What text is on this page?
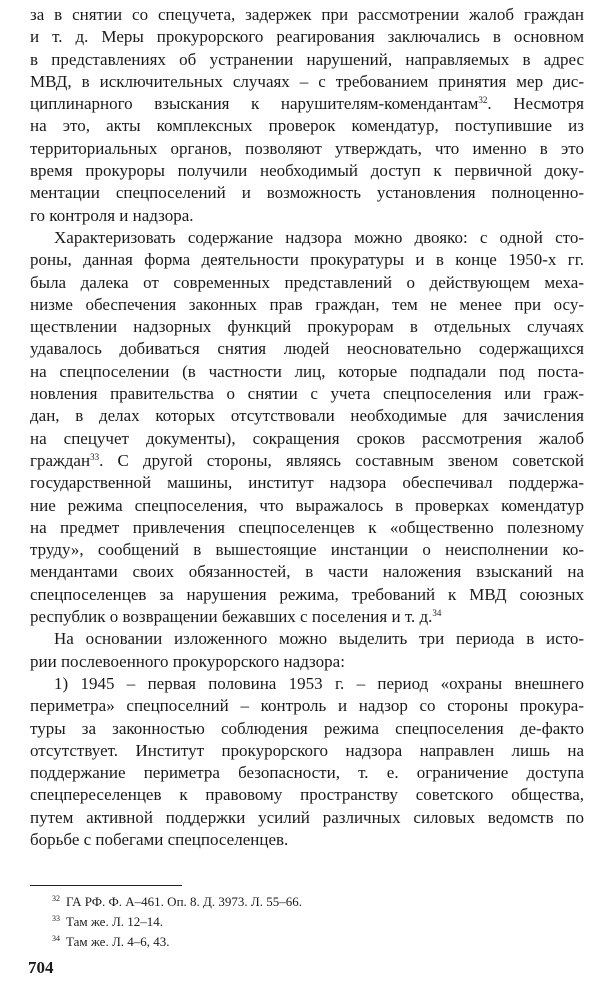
за в снятии со спецучета, задержек при рассмотрении жалоб граждан
и т. д. Меры прокурорского реагирования заключались в основном
в представлениях об устранении нарушений, направляемых в адрес
МВД, в исключительных случаях – с требованием принятия мер дис-
циплинарного взыскания к нарушителям-комендантам$^{32}$. Несмотря
на это, акты комплексных проверок комендатур, поступившие из
территориальных органов, позволяют утверждать, что именно в это
время прокуроры получили необходимый доступ к первичной доку-
ментации спецпоселений и возможность установления полноценно-
го контроля и надзора.
Характеризовать содержание надзора можно двояко: с одной сто-
роны, данная форма деятельности прокуратуры и в конце 1950-х гг.
была далека от современных представлений о действующем меха-
низме обеспечения законных прав граждан, тем не менее при осу-
ществлении надзорных функций прокурорам в отдельных случаях
удавалось добиваться снятия людей неосновательно содержащихся
на спецпоселении (в частности лиц, которые подпадали под поста-
новления правительства о снятии с учета спецпоселения или граж-
дан, в делах которых отсутствовали необходимые для зачисления
на спецучет документы), сокращения сроков рассмотрения жалоб
граждан$^{33}$. С другой стороны, являясь составным звеном советской
государственной машины, институт надзора обеспечивал поддержа-
ние режима спецпоселения, что выражалось в проверках комендатур
на предмет привлечения спецпоселенцев к «общественно полезному
труду», сообщений в вышестоящие инстанции о неисполнении ко-
мендантами своих обязанностей, в части наложения взысканий на
спецпоселенцев за нарушения режима, требований к МВД союзных
республик о возвращении бежавших с поселения и т. д.$^{34}$
На основании изложенного можно выделить три периода в исто-
рии послевоенного прокурорского надзора:
1) 1945 – первая половина 1953 г. – период «охраны внешнего
периметра» спецпоселний – контроль и надзор со стороны прокура-
туры за законностью соблюдения режима спецпоселения де-факто
отсутствует. Институт прокурорского надзора направлен лишь на
поддержание периметра безопасности, т. е. ограничение доступа
спецпереселенцев к правовому пространству советского общества,
путем активной поддержки усилий различных силовых ведомств по
борьбе с побегами спецпоселенцев.
$^{32}$ ГА РФ. Ф. А–461. Оп. 8. Д. 3973. Л. 55–66.
$^{33}$ Там же. Л. 12–14.
$^{34}$ Там же. Л. 4–6, 43.
704
